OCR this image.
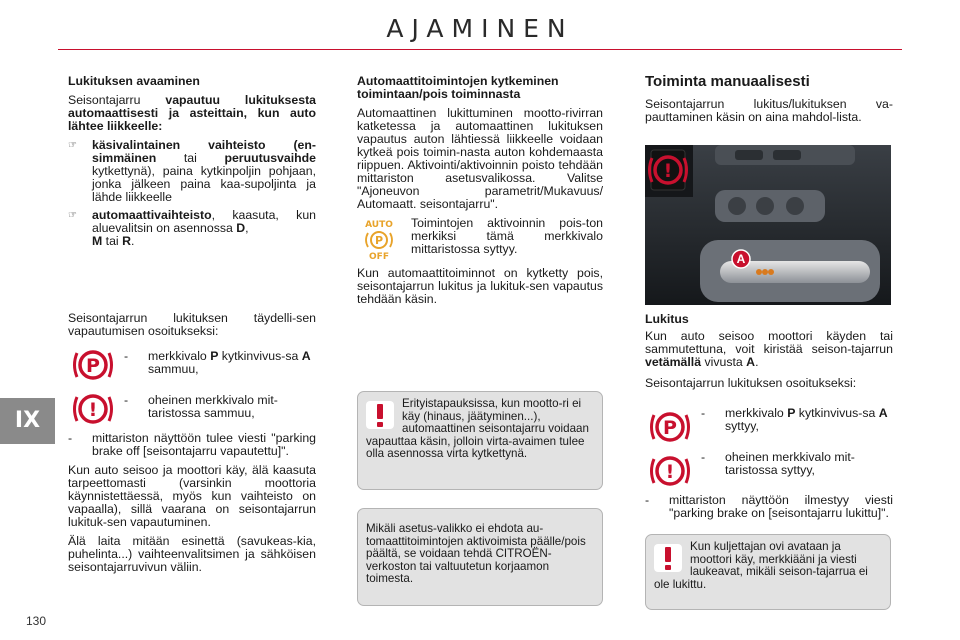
AJAMINEN
IX
130
Lukituksen avaaminen

Seisontajarru vapautuu lukituksesta automaattisesti ja asteittain, kun auto lähtee liikkeelle:

☞	käsivalintainen vaihteisto (en-simmäinen tai peruutusvaihde kytkettynä), paina kytkinpoljin pohjaan, jonka jälkeen paina kaa-supoljinta ja lähde liikkeelle
☞	automaattivaihteisto, kaasuta, kun aluevalitsin on asennossa D,
M tai R.

Seisontajarrun lukituksen täydelli-sen vapautumisen osoitukseksi:

-	merkkivalo P kytkinvivus-sa A sammuu,
-	oheinen merkkivalo mit-taristossa sammuu,
-	mittariston näyttöön tulee viesti "parking brake off [seisontajarru vapautettu]".

Kun auto seisoo ja moottori käy, älä kaasuta tarpeettomasti (varsinkin moottoria käynnistettäessä, myös kun vaihteisto on vapaalla), sillä vaarana on seisontajarrun lukituk-sen vapautuminen.

Älä laita mitään esinettä (savukeas-kia, puhelinta...) vaihteenvalitsimen ja sähköisen seisontajarruvivun väliin.

Automaattitoimintojen kytkeminen toimintaan/pois toiminnasta

Automaattinen lukittuminen mootto-rivirran katketessa ja automaattinen lukituksen vapautus auton lähtiessä liikkeelle voidaan kytkeä pois toimin-nasta auton kohdemaasta riippuen. Aktivointi/aktivoinnin poisto tehdään mittariston asetusvalikossa. Valitse "Ajoneuvon parametrit/Mukavuus/ Automaatt. seisontajarru".

AUTO
P
OFF
Toimintojen aktivoinnin pois-ton merkiksi tämä merkkivalo mittaristossa syttyy.

Kun automaattitoiminnot on kytketty pois, seisontajarrun lukitus ja lukituk-sen vapautus tehdään käsin.

Erityistapauksissa, kun mootto-ri ei käy (hinaus, jäätyminen...), automaattinen seisontajarru voidaan vapauttaa käsin, jolloin virta-avaimen tulee olla asennossa virta kytkettynä.
Mikäli asetus-valikko ei ehdota au-tomaattitoimintojen aktivoimista päälle/pois päältä, se voidaan tehdä CITROËN-verkoston tai valtuutetun korjaamon toimesta.
Toiminta manuaalisesti

Seisontajarrun lukitus/lukituksen va-pauttaminen käsin on aina mahdol-lista.

A
Lukitus

Kun auto seisoo moottori käyden tai sammutettuna, voit kiristää seison-tajarrun vetämällä vivusta A.

Seisontajarrun lukituksen osoitukseksi:

-	merkkivalo P kytkinvivus-sa A syttyy,
-	oheinen merkkivalo mit-taristossa syttyy,
-	mittariston näyttöön ilmestyy viesti "parking brake on [seisontajarru lukittu]".
Kun kuljettajan ovi avataan ja moottori käy, merkkiääni ja viesti laukeavat, mikäli seison-tajarrua ei ole lukittu.
